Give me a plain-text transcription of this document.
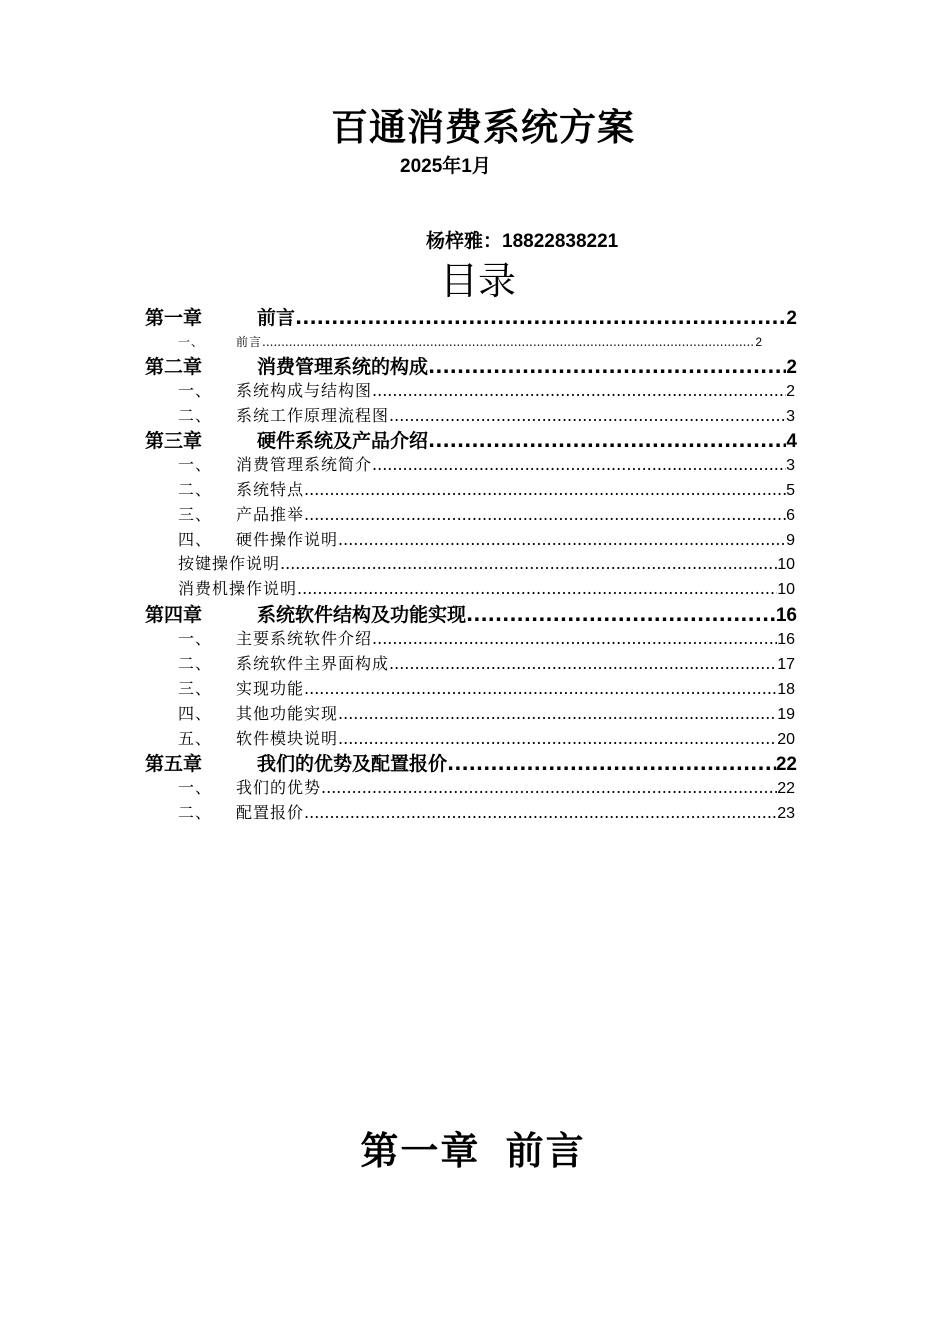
百通消费系统方案
2025年1月
杨梓雅：18822838221
目录
第一章	前言 .....	2
一、	前言 .....	2
第二章	消费管理系统的构成 .....	2
一、	系统构成与结构图 .....	2
二、	系统工作原理流程图 .....	3
第三章	硬件系统及产品介绍 .....	4
一、	消费管理系统简介 .....	3
二、	系统特点 .....	5
三、	产品推举 .....	6
四、	硬件操作说明 .....	9
按键操作说明 .....	10
消费机操作说明 .....	10
第四章	系统软件结构及功能实现 .....	16
一、	主要系统软件介绍 .....	16
二、	系统软件主界面构成 .....	17
三、	实现功能 .....	18
四、	其他功能实现 .....	19
五、	软件模块说明 .....	20
第五章	我们的优势及配置报价 .....	22
一、	我们的优势 .....	22
二、	配置报价 .....	23
第一章 前言
